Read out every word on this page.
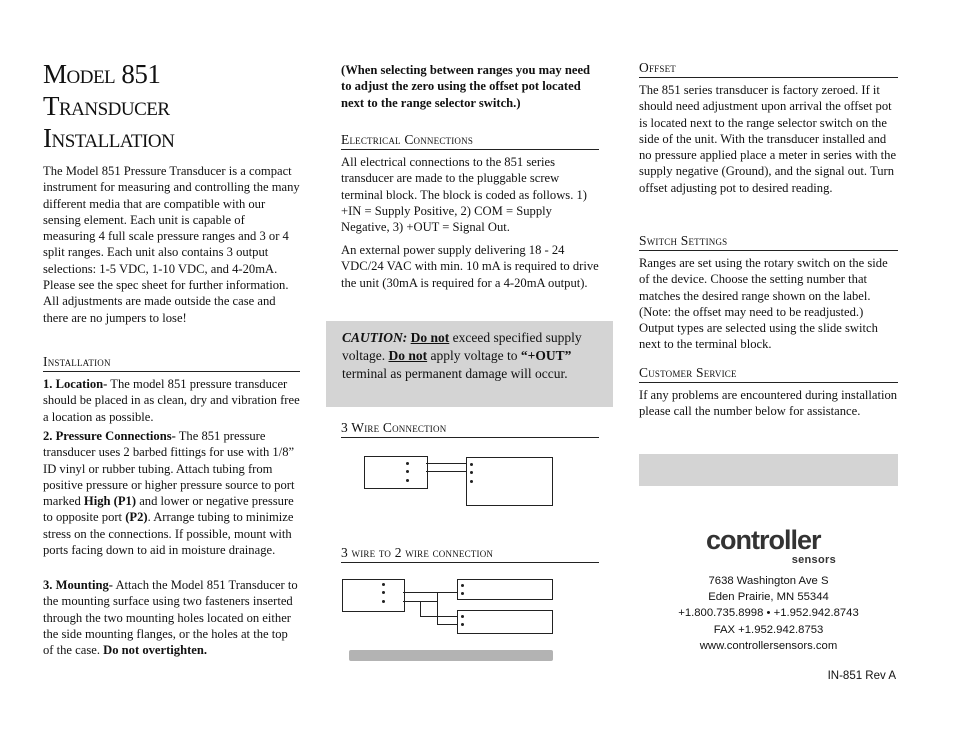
Model 851
Transducer
Installation

The Model 851 Pressure Transducer is a compact instrument for measuring and controlling the many different media that are compatible with our sensing element. Each unit is capable of measuring 4 full scale pressure ranges and 3 or 4 split ranges. Each unit also contains 3 output selections: 1-5 VDC, 1-10 VDC, and 4-20mA. Please see the spec sheet for further information. All adjustments are made outside the case and there are no jumpers to lose!

Installation

1. Location- The model 851 pressure transducer should be placed in as clean, dry and vibration free a location as possible.

2. Pressure Connections- The 851 pressure transducer uses 2 barbed fittings for use with 1/8” ID vinyl or rubber tubing. Attach tubing from positive pressure or higher pressure source to port marked High (P1) and lower or negative pressure to opposite port (P2). Arrange tubing to minimize stress on the connections. If possible, mount with ports facing down to aid in moisture drainage.

3. Mounting- Attach the Model 851 Transducer to the mounting surface using two fasteners inserted through the two mounting holes located on either the side mounting flanges, or the holes at the top of the case. Do not overtighten.

(When selecting between ranges you may need to adjust the zero using the offset pot located next to the range selector switch.)

Electrical Connections

All electrical connections to the 851 series transducer are made to the pluggable screw terminal block. The block is coded as follows. 1) +IN = Supply Positive, 2) COM = Supply Negative, 3) +OUT = Signal Out.

An external power supply delivering 18 - 24 VDC/24 VAC with min. 10 mA is required to drive the unit (30mA is required for a 4-20mA output).

CAUTION: Do not exceed specified supply voltage. Do not apply voltage to “+OUT” terminal as permanent damage will occur.
3 Wire Connection
3 wire to 2 wire connection
Offset

The 851 series transducer is factory zeroed. If it should need adjustment upon arrival the offset pot is located next to the range selector switch on the side of the unit. With the transducer installed and no pressure applied place a meter in series with the supply negative (Ground), and the signal out. Turn offset adjusting pot to desired reading.

Switch Settings

Ranges are set using the rotary switch on the side of the device. Choose the setting number that matches the desired range shown on the label. (Note: the offset may need to be readjusted.) Output types are selected using the slide switch next to the terminal block.

Customer Service

If any problems are encountered during installation please call the number below for assistance.

controller
sensors
7638 Washington Ave S
Eden Prairie, MN 55344
+1.800.735.8998 • +1.952.942.8743
FAX +1.952.942.8753
www.controllersensors.com
IN-851 Rev A
